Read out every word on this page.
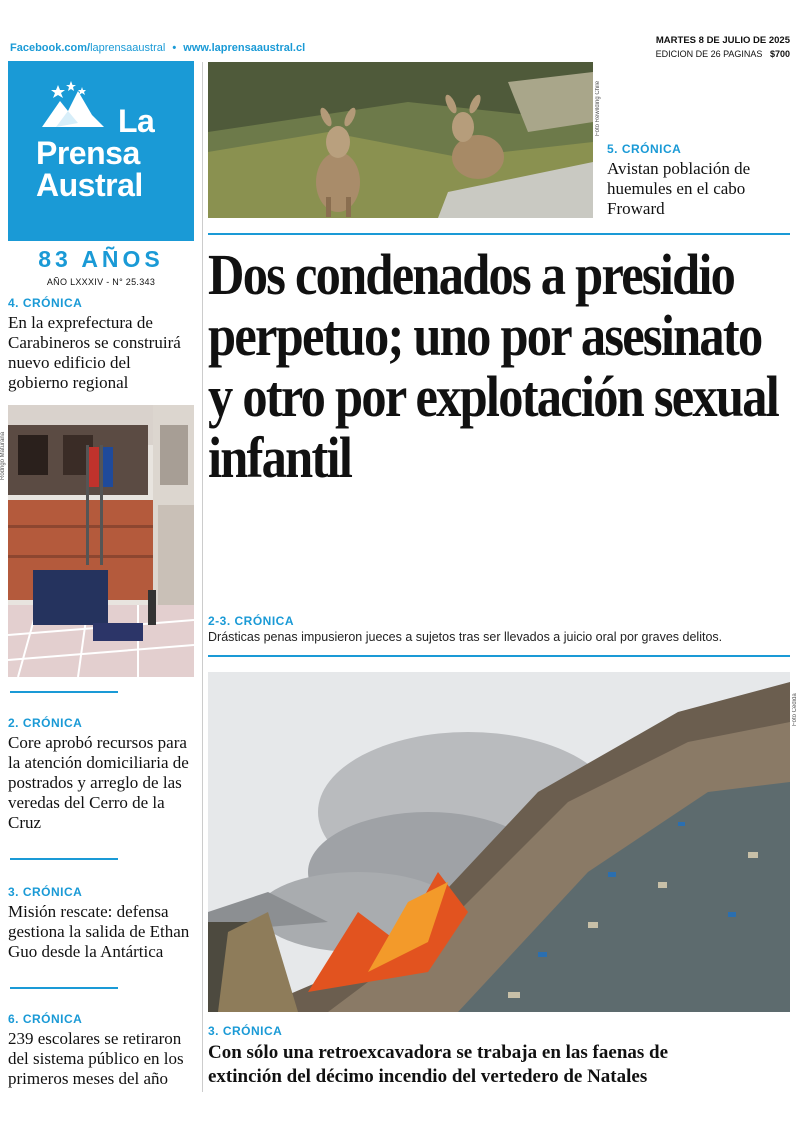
Facebook.com/laprensaaustral • www.laprensaaustral.cl
MARTES 8 DE JULIO DE 2025
EDICION DE 26 PAGINAS $700
La
Prensa
Austral
83 AÑOS
AÑO LXXXIV - N° 25.343
4. CRÓNICA
En la exprefectura de Carabineros se construirá nuevo edificio del gobierno regional
Rodrigo Maturana
2. CRÓNICA
Core aprobó recursos para la atención domiciliaria de postrados y arreglo de las veredas del Cerro de la Cruz
3. CRÓNICA
Misión rescate: defensa gestiona la salida de Ethan Guo desde la Antártica
6. CRÓNICA
239 escolares se retiraron del sistema público en los primeros meses del año
Foto Rewilding Chile
5. CRÓNICA
Avistan población de huemules en el cabo Froward
Dos condenados a presidio perpetuo; uno por asesinato y otro por explotación sexual infantil
2-3. CRÓNICA
Drásticas penas impusieron jueces a sujetos tras ser llevados a juicio oral por graves delitos.
Foto Cedida
3. CRÓNICA
Con sólo una retroexcavadora se trabaja en las faenas de extinción del décimo incendio del vertedero de Natales
